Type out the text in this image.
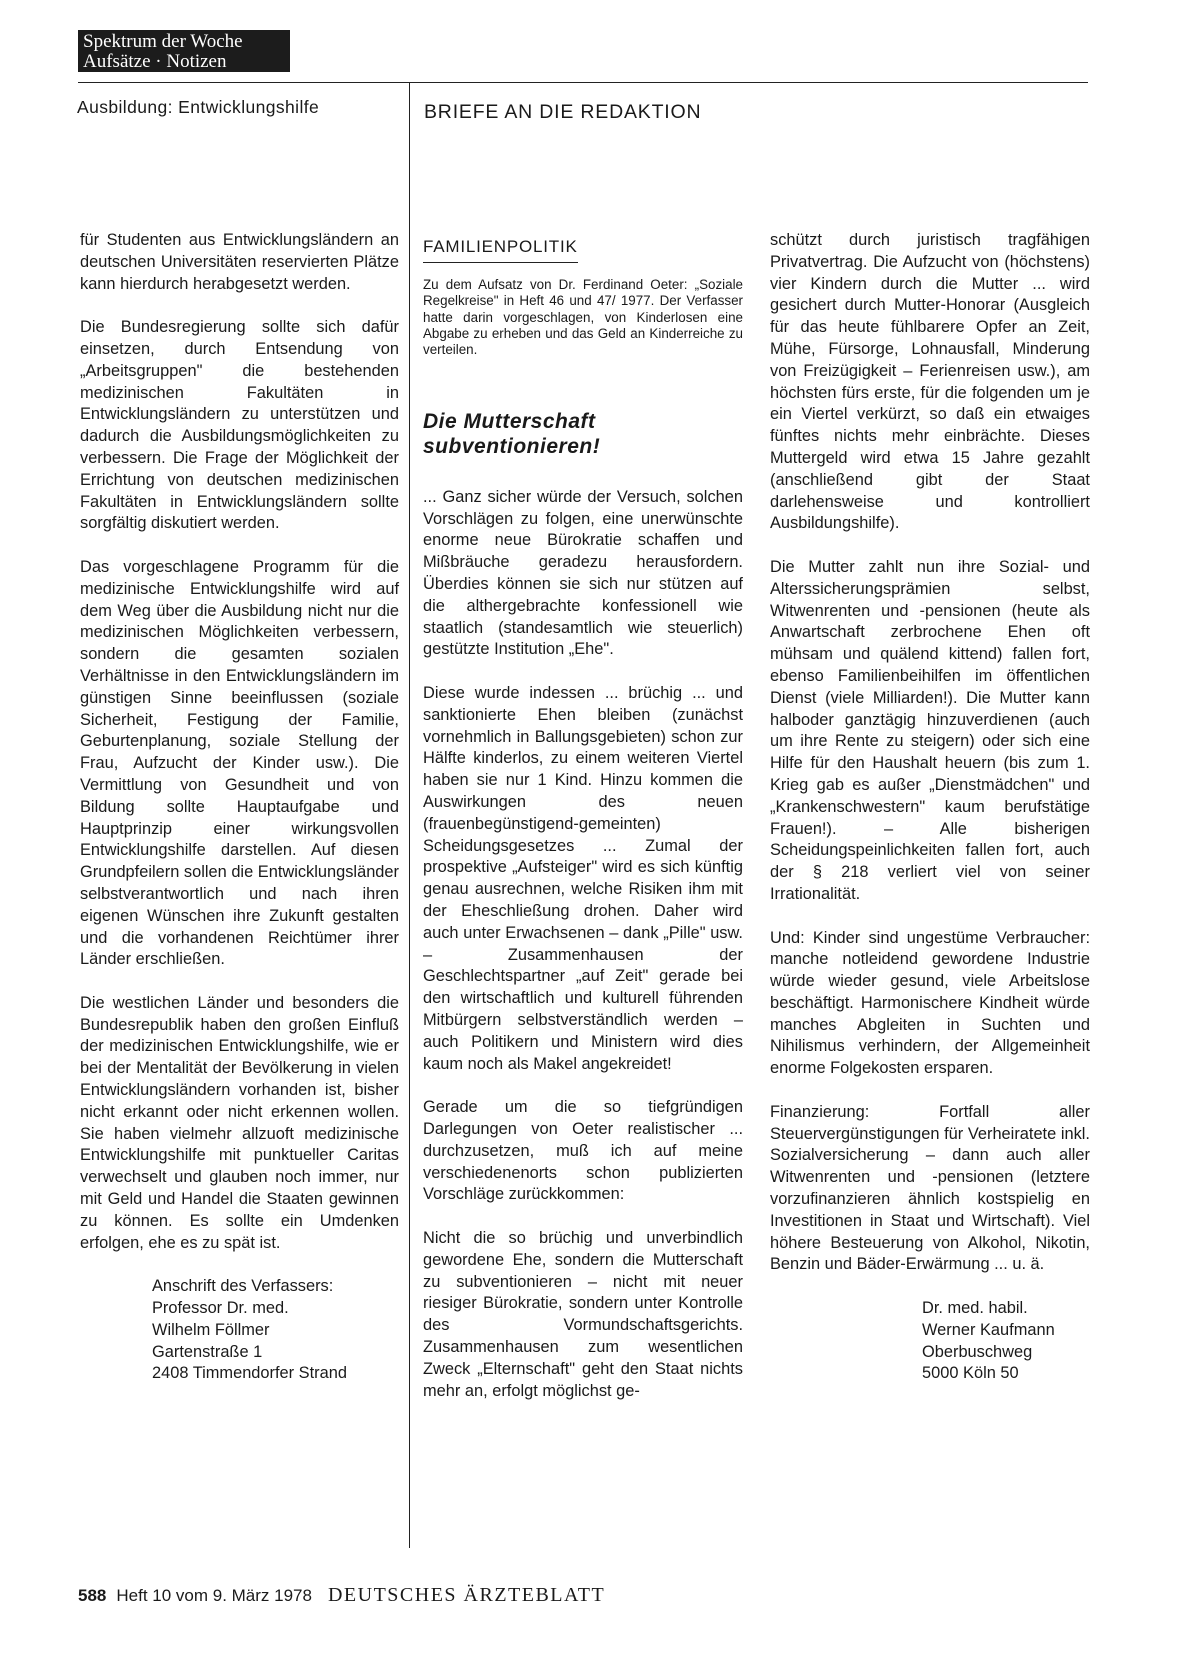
Spektrum der Woche
Aufsätze · Notizen
Ausbildung: Entwicklungshilfe	BRIEFE AN DIE REDAKTION

für Studenten aus Entwicklungsländern an deutschen Universitäten reservierten Plätze kann hierdurch herabgesetzt werden.

Die Bundesregierung sollte sich dafür einsetzen, durch Entsendung von „Arbeitsgruppen" die bestehenden medizinischen Fakultäten in Entwicklungsländern zu unterstützen und dadurch die Ausbildungsmöglichkeiten zu verbessern. Die Frage der Möglichkeit der Errichtung von deutschen medizinischen Fakultäten in Entwicklungsländern sollte sorgfältig diskutiert werden.

Das vorgeschlagene Programm für die medizinische Entwicklungshilfe wird auf dem Weg über die Ausbildung nicht nur die medizinischen Möglichkeiten verbessern, sondern die gesamten sozialen Verhältnisse in den Entwicklungsländern im günstigen Sinne beeinflussen (soziale Sicherheit, Festigung der Familie, Geburtenplanung, soziale Stellung der Frau, Aufzucht der Kinder usw.). Die Vermittlung von Gesundheit und von Bildung sollte Hauptaufgabe und Hauptprinzip einer wirkungsvollen Entwicklungshilfe darstellen. Auf diesen Grundpfeilern sollen die Entwicklungsländer selbstverantwortlich und nach ihren eigenen Wünschen ihre Zukunft gestalten und die vorhandenen Reichtümer ihrer Länder erschließen.

Die westlichen Länder und besonders die Bundesrepublik haben den großen Einfluß der medizinischen Entwicklungshilfe, wie er bei der Mentalität der Bevölkerung in vielen Entwicklungsländern vorhanden ist, bisher nicht erkannt oder nicht erkennen wollen. Sie haben vielmehr allzuoft medizinische Entwicklungshilfe mit punktueller Caritas verwechselt und glauben noch immer, nur mit Geld und Handel die Staaten gewinnen zu können. Es sollte ein Umdenken erfolgen, ehe es zu spät ist.

Anschrift des Verfassers:
Professor Dr. med.
Wilhelm Föllmer
Gartenstraße 1
2408 Timmendorfer Strand

FAMILIENPOLITIK

Zu dem Aufsatz von Dr. Ferdinand Oeter: „Soziale Regelkreise" in Heft 46 und 47/ 1977. Der Verfasser hatte darin vorgeschlagen, von Kinderlosen eine Abgabe zu erheben und das Geld an Kinderreiche zu verteilen.

Die Mutterschaft subventionieren!

... Ganz sicher würde der Versuch, solchen Vorschlägen zu folgen, eine unerwünschte enorme neue Bürokratie schaffen und Mißbräuche geradezu herausfordern. Überdies können sie sich nur stützen auf die althergebrachte konfessionell wie staatlich (standesamtlich wie steuerlich) gestützte Institution „Ehe".

Diese wurde indessen ... brüchig ... und sanktionierte Ehen bleiben (zunächst vornehmlich in Ballungsgebieten) schon zur Hälfte kinderlos, zu einem weiteren Viertel haben sie nur 1 Kind. Hinzu kommen die Auswirkungen des neuen (frauenbegünstigend-gemeinten) Scheidungsgesetzes ... Zumal der prospektive „Aufsteiger" wird es sich künftig genau ausrechnen, welche Risiken ihm mit der Eheschließung drohen. Daher wird auch unter Erwachsenen – dank „Pille" usw. – Zusammenhausen der Geschlechtspartner „auf Zeit" gerade bei den wirtschaftlich und kulturell führenden Mitbürgern selbstverständlich werden – auch Politikern und Ministern wird dies kaum noch als Makel angekreidet!

Gerade um die so tiefgründigen Darlegungen von Oeter realistischer ... durchzusetzen, muß ich auf meine verschiedenenorts schon publizierten Vorschläge zurückkommen:

Nicht die so brüchig und unverbindlich gewordene Ehe, sondern die Mutterschaft zu subventionieren – nicht mit neuer riesiger Bürokratie, sondern unter Kontrolle des Vormundschaftsgerichts. Zusammenhausen zum wesentlichen Zweck „Elternschaft" geht den Staat nichts mehr an, erfolgt möglichst ge-

schützt durch juristisch tragfähigen Privatvertrag. Die Aufzucht von (höchstens) vier Kindern durch die Mutter ... wird gesichert durch Mutter-Honorar (Ausgleich für das heute fühlbarere Opfer an Zeit, Mühe, Fürsorge, Lohnausfall, Minderung von Freizügigkeit – Ferienreisen usw.), am höchsten fürs erste, für die folgenden um je ein Viertel verkürzt, so daß ein etwaiges fünftes nichts mehr einbrächte. Dieses Muttergeld wird etwa 15 Jahre gezahlt (anschließend gibt der Staat darlehensweise und kontrolliert Ausbildungshilfe).

Die Mutter zahlt nun ihre Sozial- und Alterssicherungsprämien selbst, Witwenrenten und -pensionen (heute als Anwartschaft zerbrochene Ehen oft mühsam und quälend kittend) fallen fort, ebenso Familienbeihilfen im öffentlichen Dienst (viele Milliarden!). Die Mutter kann halboder ganztägig hinzuverdienen (auch um ihre Rente zu steigern) oder sich eine Hilfe für den Haushalt heuern (bis zum 1. Krieg gab es außer „Dienstmädchen" und „Krankenschwestern" kaum berufstätige Frauen!). – Alle bisherigen Scheidungspeinlichkeiten fallen fort, auch der § 218 verliert viel von seiner Irrationalität.

Und: Kinder sind ungestüme Verbraucher: manche notleidend gewordene Industrie würde wieder gesund, viele Arbeitslose beschäftigt. Harmonischere Kindheit würde manches Abgleiten in Suchten und Nihilismus verhindern, der Allgemeinheit enorme Folgekosten ersparen.

Finanzierung: Fortfall aller Steuervergünstigungen für Verheiratete inkl. Sozialversicherung – dann auch aller Witwenrenten und -pensionen (letztere vorzufinanzieren ähnlich kostspielig en Investitionen in Staat und Wirtschaft). Viel höhere Besteuerung von Alkohol, Nikotin, Benzin und Bäder-Erwärmung ... u. ä.

Dr. med. habil.
Werner Kaufmann
Oberbuschweg
5000 Köln 50

588 Heft 10 vom 9. März 1978 DEUTSCHES ÄRZTEBLATT
